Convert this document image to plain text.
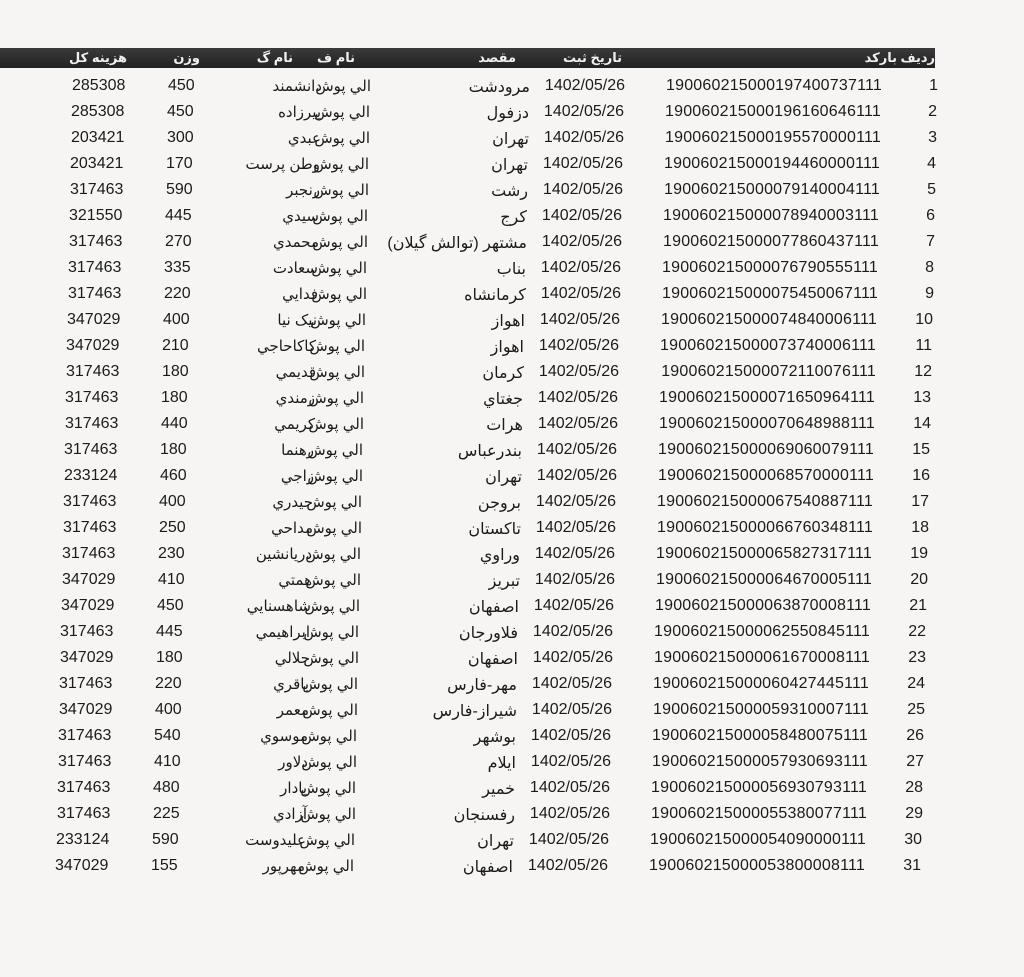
ردیف
بارکد
تاريخ ثبت
مقصد
نام ف
نام گ
وزن
هزینه کل
1
19006021500019740073711‎1
1402/05/26
مرودشت
الي پوش
دانشمند
450
285308
2
190060215000196160646111
1402/05/26
دزفول
الي پوش
پيرزاده
450
285308
3
190060215000195570000111
1402/05/26
تهران
الي پوش
عبدي
300
203421
4
190060215000194460000111
1402/05/26
تهران
الي پوش
وطن پرست
170
203421
5
190060215000079140004111
1402/05/26
رشت
الي پوش
رنجبر
590
317463
6
190060215000078940003111
1402/05/26
كرج
الي پوش
سيدي
445
321550
7
190060215000077860437111
1402/05/26
مشتهر (توالش گيلان)
الي پوش
محمدي
270
317463
8
190060215000076790555111
1402/05/26
بناب
الي پوش
سعادت
335
317463
9
190060215000075450067111
1402/05/26
كرمانشاه
الي پوش
فدايي
220
317463
10
190060215000074840006111
1402/05/26
اهواز
الي پوش
نيک نيا
400
347029
11
190060215000073740006111
1402/05/26
اهواز
الي پوش
كاكاحاجي
210
347029
12
190060215000072110076111
1402/05/26
كرمان
الي پوش
قديمي
180
317463
13
190060215000071650964111
1402/05/26
جغتاي
الي پوش
زمندي
180
317463
14
190060215000070648988111
1402/05/26
هرات
الي پوش
كريمي
440
317463
15
190060215000069060079111
1402/05/26
بندرعباس
الي پوش
رهنما
180
317463
16
190060215000068570000111
1402/05/26
تهران
الي پوش
زاجي
460
233124
17
190060215000067540887111
1402/05/26
بروجن
الي پوش
حيدري
400
317463
18
190060215000066760348111
1402/05/26
تاكستان
الي پوش
مداحي
250
317463
19
190060215000065827317111
1402/05/26
وراوي
الي پوش
دريانشين
230
317463
20
190060215000064670005111
1402/05/26
تبريز
الي پوش
همتي
410
347029
21
190060215000063870008111
1402/05/26
اصفهان
الي پوش
شاهسنايي
450
347029
22
190060215000062550845111
1402/05/26
فلاورجان
الي پوش
ابراهيمي
445
317463
23
190060215000061670008111
1402/05/26
اصفهان
الي پوش
جلالي
180
347029
24
190060215000060427445111
1402/05/26
مهر-فارس
الي پوش
باقري
220
317463
25
190060215000059310007111
1402/05/26
شيراز-فارس
الي پوش
معمر
400
347029
26
190060215000058480075111
1402/05/26
بوشهر
الي پوش
موسوي
540
317463
27
190060215000057930693111
1402/05/26
ايلام
الي پوش
دلاور
410
317463
28
190060215000056930793111
1402/05/26
خمير
الي پوش
پادار
480
317463
29
190060215000055380077111
1402/05/26
رفسنجان
الي پوش
آزادي
225
317463
30
190060215000054090000111
1402/05/26
تهران
الي پوش
عليدوست
590
233124
31
190060215000053800008111
1402/05/26
اصفهان
الي پوش
مهرپور
155
347029
